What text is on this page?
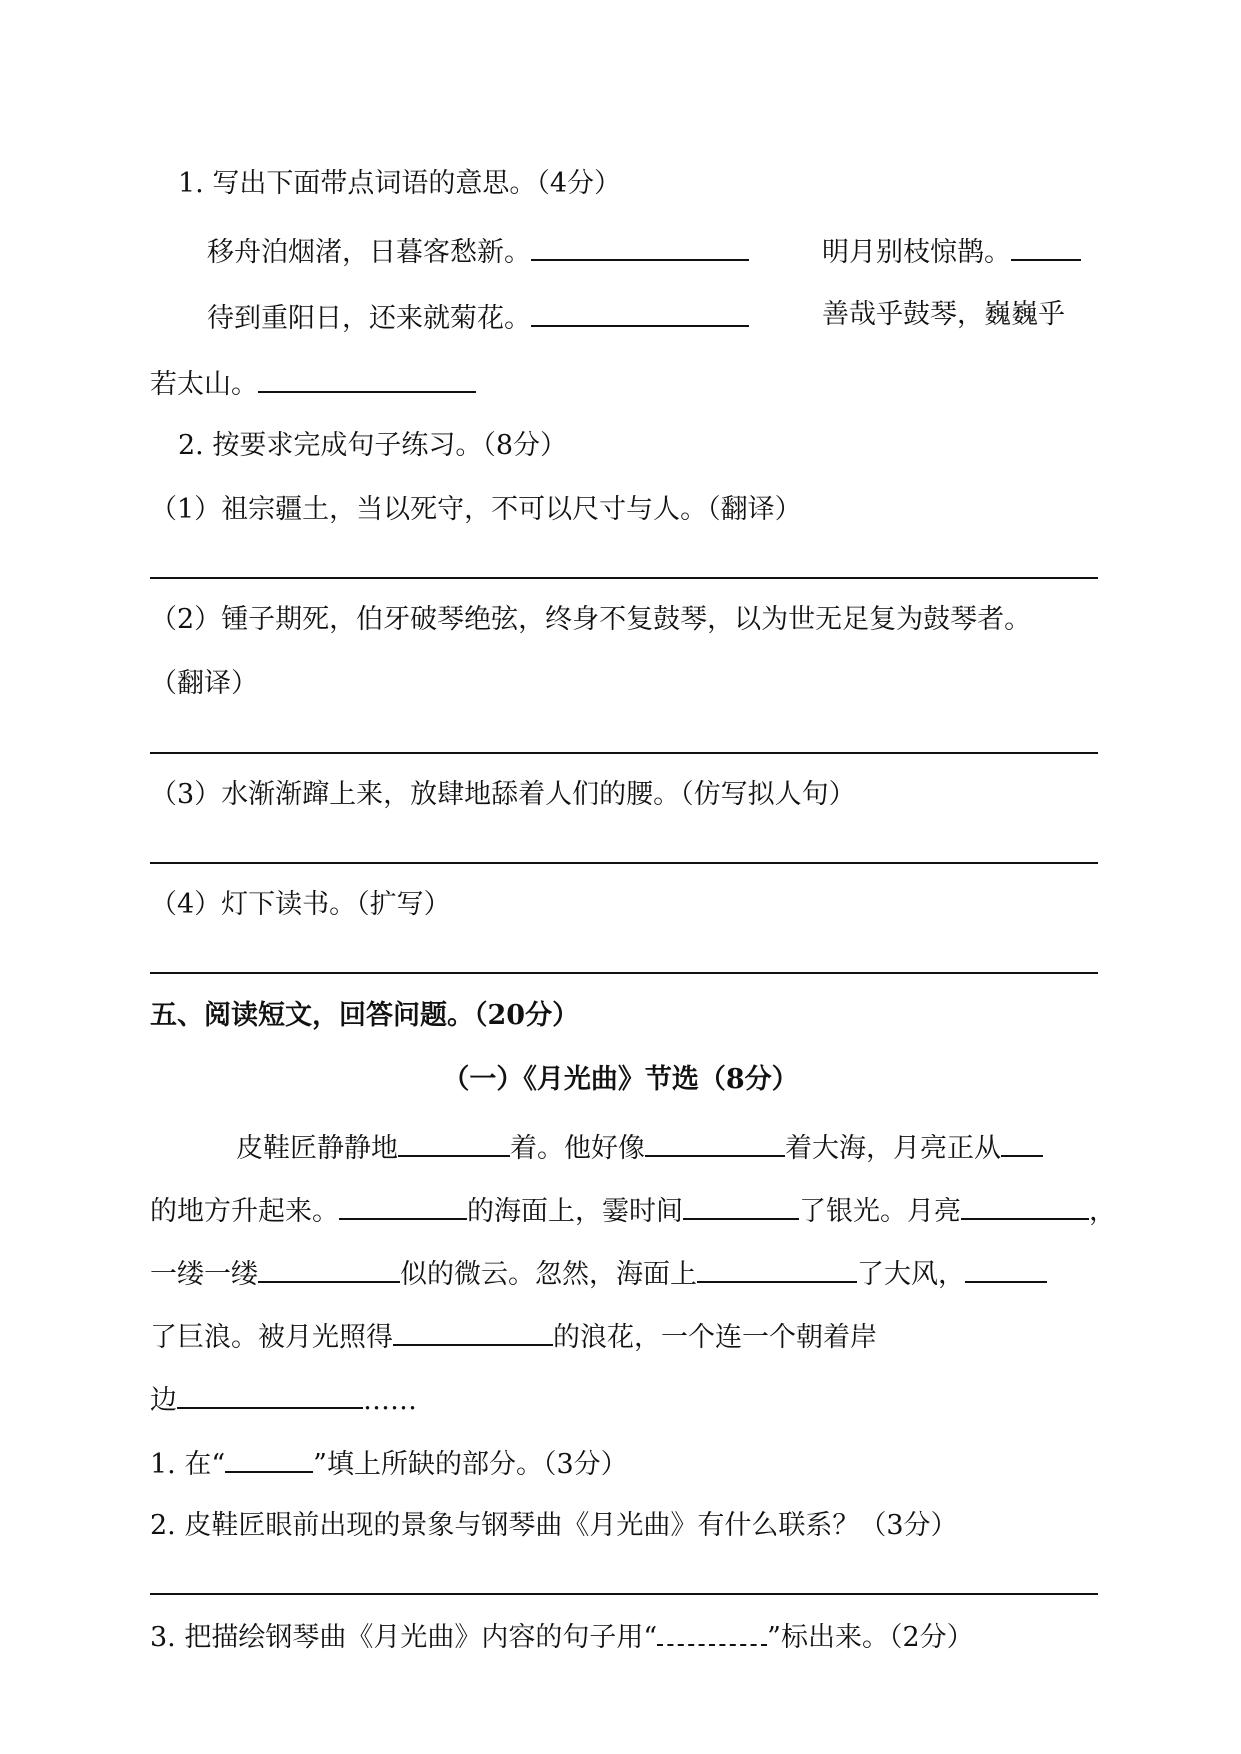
1. 写出下面带点词语的意思。（4分）
移舟泊烟渚，日暮客愁新。	明月别枝惊鹊。
待到重阳日，还来就菊花。	善哉乎鼓琴，巍巍乎
若太山。
2. 按要求完成句子练习。（8分）
（1）祖宗疆土，当以死守，不可以尺寸与人。（翻译）
（2）锺子期死，伯牙破琴绝弦，终身不复鼓琴，以为世无足复为鼓琴者。
（翻译）
（3）水渐渐蹿上来，放肆地舔着人们的腰。（仿写拟人句）
（4）灯下读书。（扩写）
五、阅读短文，回答问题。（20分）
（一）《月光曲》节选（8分）
皮鞋匠静静地	着。他好像	着大海，月亮正从
的地方升起来。	的海面上，霎时间	了银光。月亮	，
一缕一缕	似的微云。忽然，海面上	了大风，
了巨浪。被月光照得	的浪花，一个连一个朝着岸
边	……
1. 在“	”填上所缺的部分。（3分）
2. 皮鞋匠眼前出现的景象与钢琴曲《月光曲》有什么联系？（3分）
3. 把描绘钢琴曲《月光曲》内容的句子用“	”标出来。（2分）
